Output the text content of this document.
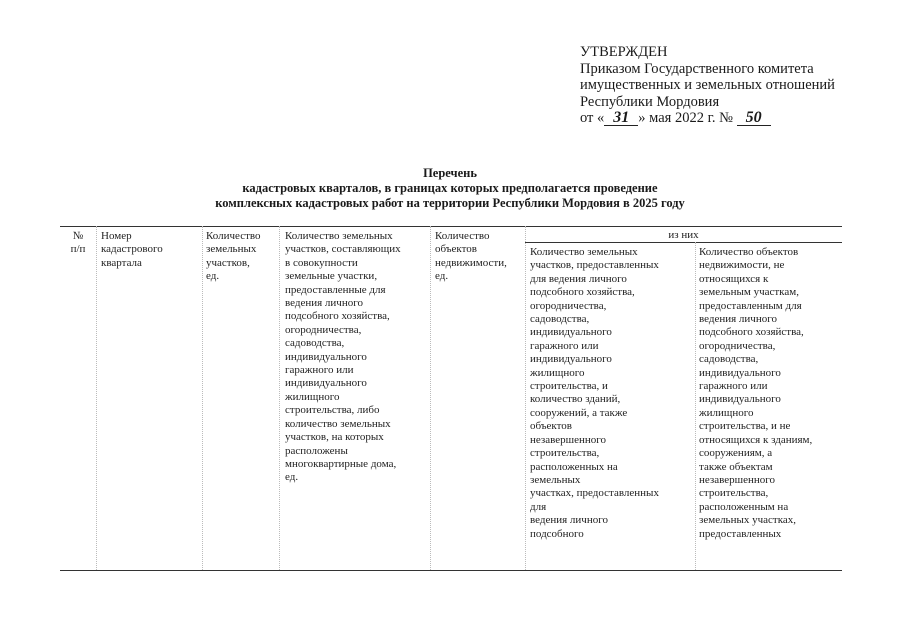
УТВЕРЖДЕН
Приказом Государственного комитета
имущественных и земельных отношений
Республики Мордовия
от « 31 » мая 2022 г. № 50
Перечень
кадастровых кварталов, в границах которых предполагается проведение
комплексных кадастровых работ на территории Республики Мордовия в 2025 году
№
п/п
Номер
кадастрового
квартала
Количество
земельных
участков,
ед.
Количество земельных
участков, составляющих
в совокупности
земельные участки,
предоставленные для
ведения личного
подсобного хозяйства,
огородничества,
садоводства,
индивидуального
гаражного или
индивидуального
жилищного
строительства, либо
количество земельных
участков, на которых
расположены
многоквартирные дома,
ед.
Количество
объектов
недвижимости,
ед.
из них
Количество земельных
участков, предоставленных
для ведения личного
подсобного хозяйства,
огородничества,
садоводства,
индивидуального
гаражного или
индивидуального
жилищного
строительства, и
количество зданий,
сооружений, а также
объектов
незавершенного
строительства,
расположенных на
земельных
участках, предоставленных
для
ведения личного
подсобного
Количество объектов
недвижимости, не
относящихся к
земельным участкам,
предоставленным для
ведения личного
подсобного хозяйства,
огородничества,
садоводства,
индивидуального
гаражного или
индивидуального
жилищного
строительства, и не
относящихся к зданиям,
сооружениям, а
также объектам
незавершенного
строительства,
расположенным на
земельных участках,
предоставленных
